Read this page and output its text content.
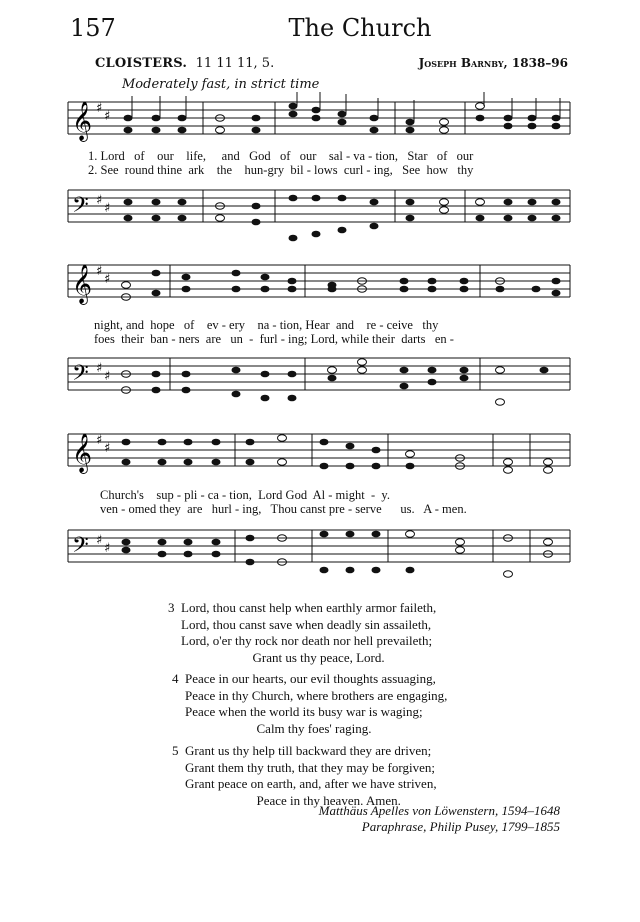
157	The Church
CLOISTERS. 11 11 11, 5.	Joseph Barnby, 1838–96
Moderately fast, in strict time
𝄞 ♯
♯
1. Lord   of    our    life,     and   God   of   our    sal - va - tion,   Star   of   our
2. See  round thine  ark    the    hun-gry  bil - lows  curl - ing,   See  how   thy
𝄢 ♯
♯
𝄞 ♯
♯
night, and  hope   of    ev - ery    na - tion, Hear  and    re - ceive   thy
foes  their  ban - ners  are   un  -  furl - ing; Lord, while their  darts   en -
𝄢 ♯
♯
𝄞 ♯
♯
Church's    sup - pli - ca - tion,  Lord God  Al - might  -  y.
ven - omed they  are   hurl - ing,   Thou canst pre - serve      us.   A - men.
𝄢 ♯
♯
3  Lord, thou canst help when earthly armor faileth,
Lord, thou canst save when deadly sin assaileth,
Lord, o'er thy rock nor death nor hell prevaileth;
Grant us thy peace, Lord.
4  Peace in our hearts, our evil thoughts assuaging,
Peace in thy Church, where brothers are engaging,
Peace when the world its busy war is waging;
Calm thy foes' raging.
5  Grant us thy help till backward they are driven;
Grant them thy truth, that they may be forgiven;
Grant peace on earth, and, after we have striven,
Peace in thy heaven. Amen.
Matthäus Apelles von Löwenstern, 1594–1648
Paraphrase, Philip Pusey, 1799–1855
